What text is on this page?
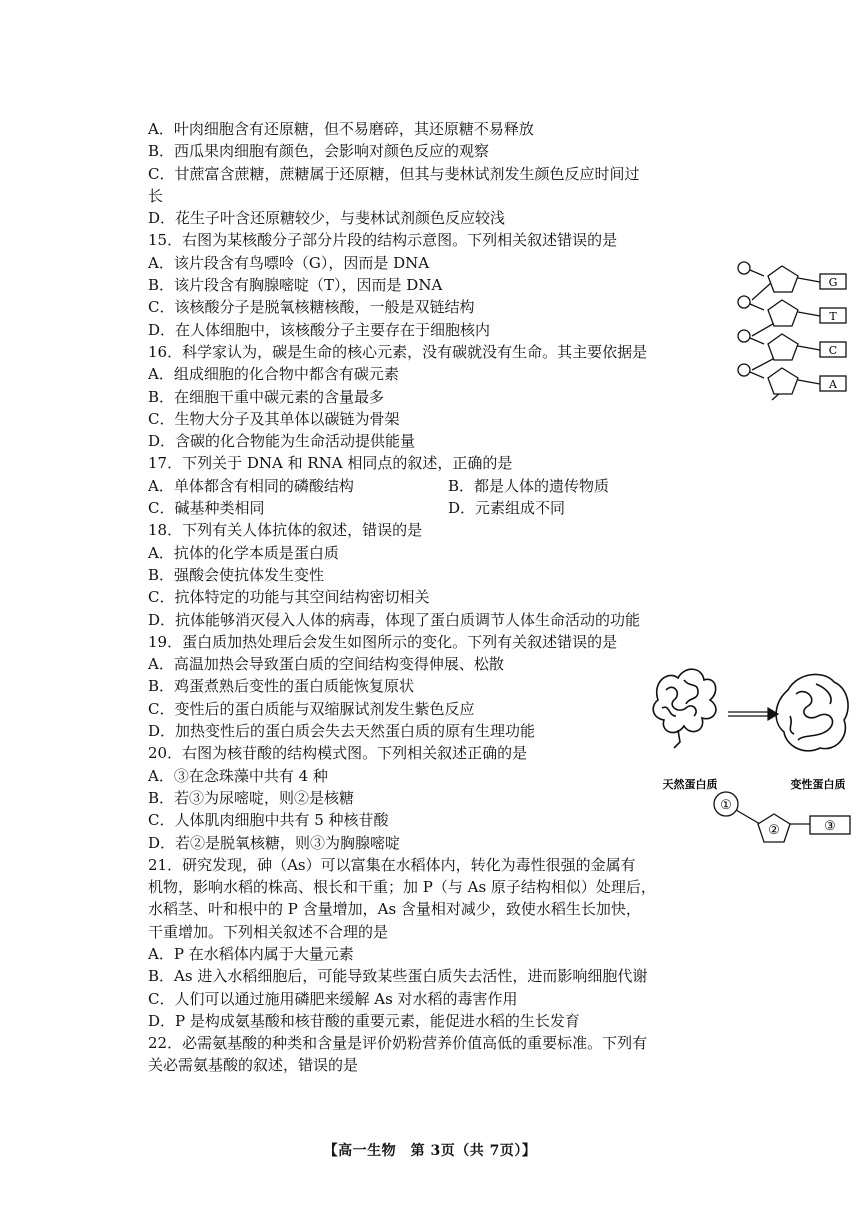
A．叶肉细胞含有还原糖，但不易磨碎，其还原糖不易释放
B．西瓜果肉细胞有颜色，会影响对颜色反应的观察
C．甘蔗富含蔗糖，蔗糖属于还原糖，但其与斐林试剂发生颜色反应时间过
长
D．花生子叶含还原糖较少，与斐林试剂颜色反应较浅
15．右图为某核酸分子部分片段的结构示意图。下列相关叙述错误的是
A．该片段含有鸟嘌呤（G），因而是 DNA
B．该片段含有胸腺嘧啶（T），因而是 DNA
C．该核酸分子是脱氧核糖核酸，一般是双链结构
D．在人体细胞中，该核酸分子主要存在于细胞核内
16．科学家认为，碳是生命的核心元素，没有碳就没有生命。其主要依据是
A．组成细胞的化合物中都含有碳元素
B．在细胞干重中碳元素的含量最多
C．生物大分子及其单体以碳链为骨架
D．含碳的化合物能为生命活动提供能量
17．下列关于 DNA 和 RNA 相同点的叙述，正确的是
A．单体都含有相同的磷酸结构	B．都是人体的遗传物质
C．碱基种类相同	D．元素组成不同
18．下列有关人体抗体的叙述，错误的是
A．抗体的化学本质是蛋白质
B．强酸会使抗体发生变性
C．抗体特定的功能与其空间结构密切相关
D．抗体能够消灭侵入人体的病毒，体现了蛋白质调节人体生命活动的功能
19．蛋白质加热处理后会发生如图所示的变化。下列有关叙述错误的是
A．高温加热会导致蛋白质的空间结构变得伸展、松散
B．鸡蛋煮熟后变性的蛋白质能恢复原状
C．变性后的蛋白质能与双缩脲试剂发生紫色反应
D．加热变性后的蛋白质会失去天然蛋白质的原有生理功能
20．右图为核苷酸的结构模式图。下列相关叙述正确的是
A．③在念珠藻中共有 4 种
B．若③为尿嘧啶，则②是核糖
C．人体肌肉细胞中共有 5 种核苷酸
D．若②是脱氧核糖，则③为胸腺嘧啶
21．研究发现，砷（As）可以富集在水稻体内，转化为毒性很强的金属有
机物，影响水稻的株高、根长和干重；加 P（与 As 原子结构相似）处理后，
水稻茎、叶和根中的 P 含量增加，As 含量相对减少，致使水稻生长加快，
干重增加。下列相关叙述不合理的是
A．P 在水稻体内属于大量元素
B．As 进入水稻细胞后，可能导致某些蛋白质失去活性，进而影响细胞代谢
C．人们可以通过施用磷肥来缓解 As 对水稻的毒害作用
D．P 是构成氨基酸和核苷酸的重要元素，能促进水稻的生长发育
22．必需氨基酸的种类和含量是评价奶粉营养价值高低的重要标准。下列有
关必需氨基酸的叙述，错误的是
G
T
C
A
天然蛋白质	变性蛋白质
①
②	③
【高一生物　第 3页（共 7页）】
